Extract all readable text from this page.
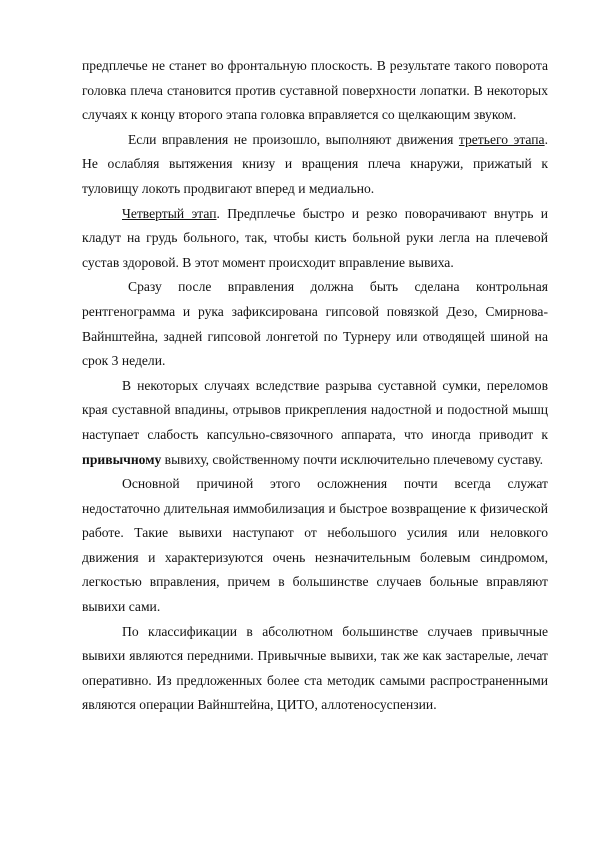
предплечье не станет во фронтальную плоскость. В результате такого поворота головка плеча становится против суставной поверхности лопатки. В некоторых случаях к концу второго этапа головка вправляется со щелкающим звуком.

Если вправления не произошло, выполняют движения третьего этапа. Не ослабляя вытяжения книзу и вращения плеча кнаружи, прижатый к туловищу локоть продвигают вперед и медиально.

Четвертый этап. Предплечье быстро и резко поворачивают внутрь и кладут на грудь больного, так, чтобы кисть больной руки легла на плечевой сустав здоровой. В этот момент происходит вправление вывиха.

Сразу после вправления должна быть сделана контрольная рентгенограмма и рука зафиксирована гипсовой повязкой Дезо, Смирнова-Вайнштейна, задней гипсовой лонгетой по Турнеру или отводящей шиной на срок 3 недели.

В некоторых случаях вследствие разрыва суставной сумки, переломов края суставной впадины, отрывов прикрепления надостной и подостной мышц наступает слабость капсульно-связочного аппарата, что иногда приводит к привычному вывиху, свойственному почти исключительно плечевому суставу.

Основной причиной этого осложнения почти всегда служат недостаточно длительная иммобилизация и быстрое возвращение к физической работе. Такие вывихи наступают от небольшого усилия или неловкого движения и характеризуются очень незначительным болевым синдромом, легкостью вправления, причем в большинстве случаев больные вправляют вывихи сами.

По классификации в абсолютном большинстве случаев привычные вывихи являются передними. Привычные вывихи, так же как застарелые, лечат оперативно. Из предложенных более ста методик самыми распространенными являются операции Вайнштейна, ЦИТО, аллотеносуспензии.
